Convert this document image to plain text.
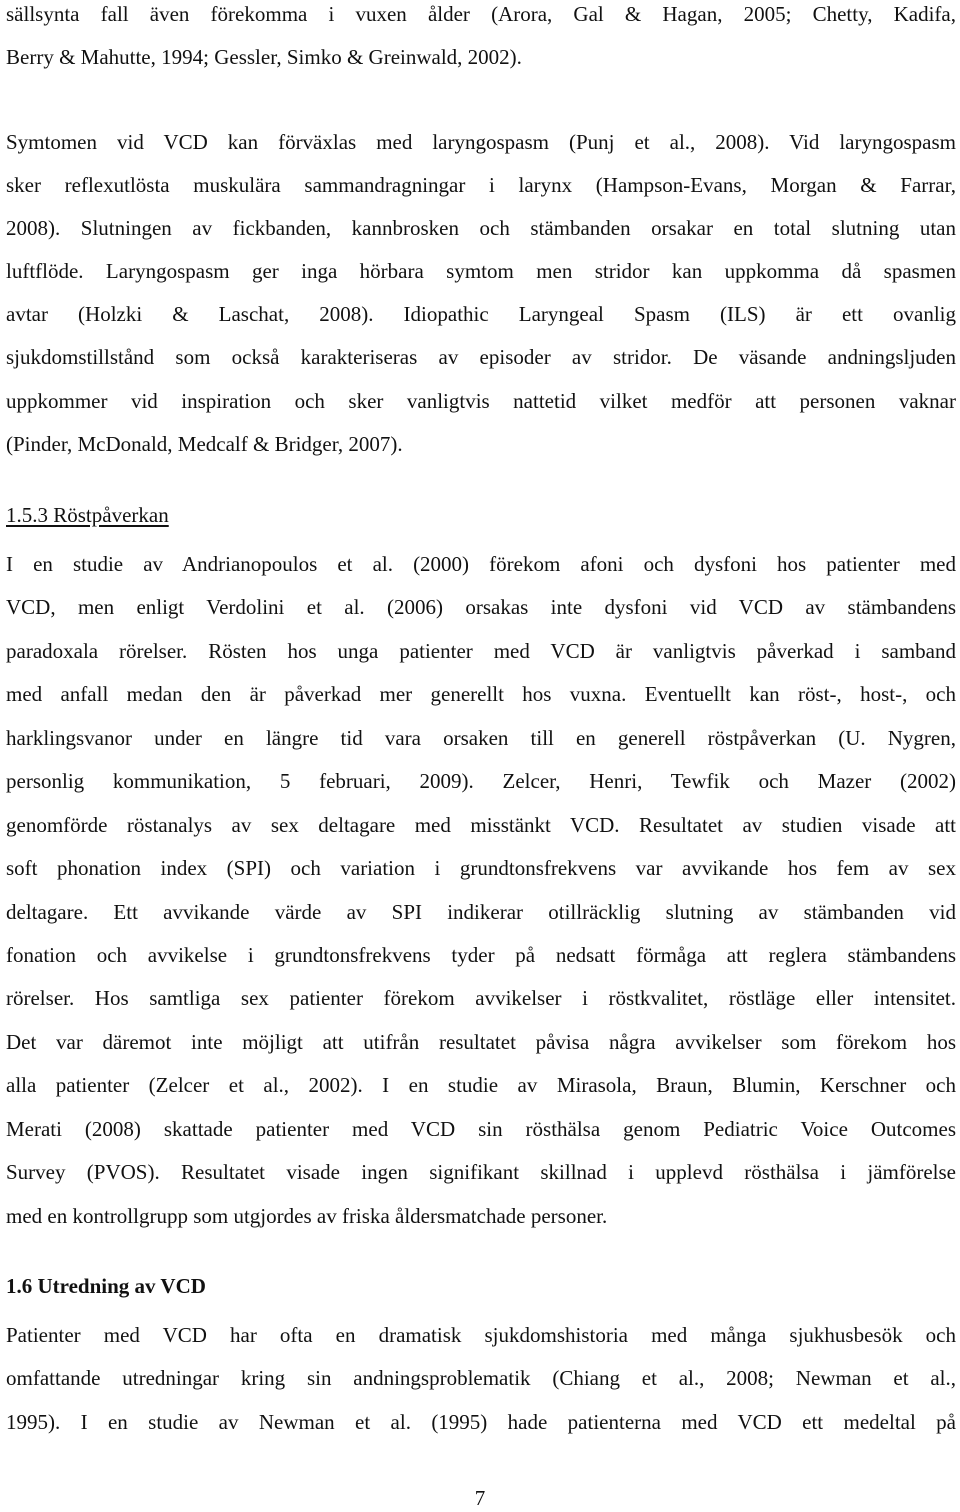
sällsynta fall även förekomma i vuxen ålder (Arora, Gal & Hagan, 2005; Chetty, Kadifa,
Berry & Mahutte, 1994; Gessler, Simko & Greinwald, 2002).
Symtomen vid VCD kan förväxlas med laryngospasm (Punj et al., 2008). Vid laryngospasm
sker reflexutlösta muskulära sammandragningar i larynx (Hampson-Evans, Morgan & Farrar,
2008). Slutningen av fickbanden, kannbrosken och stämbanden orsakar en total slutning utan
luftflöde. Laryngospasm ger inga hörbara symtom men stridor kan uppkomma då spasmen
avtar (Holzki & Laschat, 2008). Idiopathic Laryngeal Spasm (ILS) är ett ovanlig
sjukdomstillstånd som också karakteriseras av episoder av stridor. De väsande andningsljuden
uppkommer vid inspiration och sker vanligtvis nattetid vilket medför att personen vaknar
(Pinder, McDonald, Medcalf & Bridger, 2007).
1.5.3 Röstpåverkan
I en studie av Andrianopoulos et al. (2000) förekom afoni och dysfoni hos patienter med
VCD, men enligt Verdolini et al. (2006) orsakas inte dysfoni vid VCD av stämbandens
paradoxala rörelser. Rösten hos unga patienter med VCD är vanligtvis påverkad i samband
med anfall medan den är påverkad mer generellt hos vuxna. Eventuellt kan röst-, host-, och
harklingsvanor under en längre tid vara orsaken till en generell röstpåverkan (U. Nygren,
personlig kommunikation, 5 februari, 2009). Zelcer, Henri, Tewfik och Mazer (2002)
genomförde röstanalys av sex deltagare med misstänkt VCD. Resultatet av studien visade att
soft phonation index (SPI) och variation i grundtonsfrekvens var avvikande hos fem av sex
deltagare. Ett avvikande värde av SPI indikerar otillräcklig slutning av stämbanden vid
fonation och avvikelse i grundtonsfrekvens tyder på nedsatt förmåga att reglera stämbandens
rörelser. Hos samtliga sex patienter förekom avvikelser i röstkvalitet, röstläge eller intensitet.
Det var däremot inte möjligt att utifrån resultatet påvisa några avvikelser som förekom hos
alla patienter (Zelcer et al., 2002). I en studie av Mirasola, Braun, Blumin, Kerschner och
Merati (2008) skattade patienter med VCD sin rösthälsa genom Pediatric Voice Outcomes
Survey (PVOS). Resultatet visade ingen signifikant skillnad i upplevd rösthälsa i jämförelse
med en kontrollgrupp som utgjordes av friska åldersmatchade personer.
1.6 Utredning av VCD
Patienter med VCD har ofta en dramatisk sjukdomshistoria med många sjukhusbesök och
omfattande utredningar kring sin andningsproblematik (Chiang et al., 2008; Newman et al.,
1995). I en studie av Newman et al. (1995) hade patienterna med VCD ett medeltal på
7
